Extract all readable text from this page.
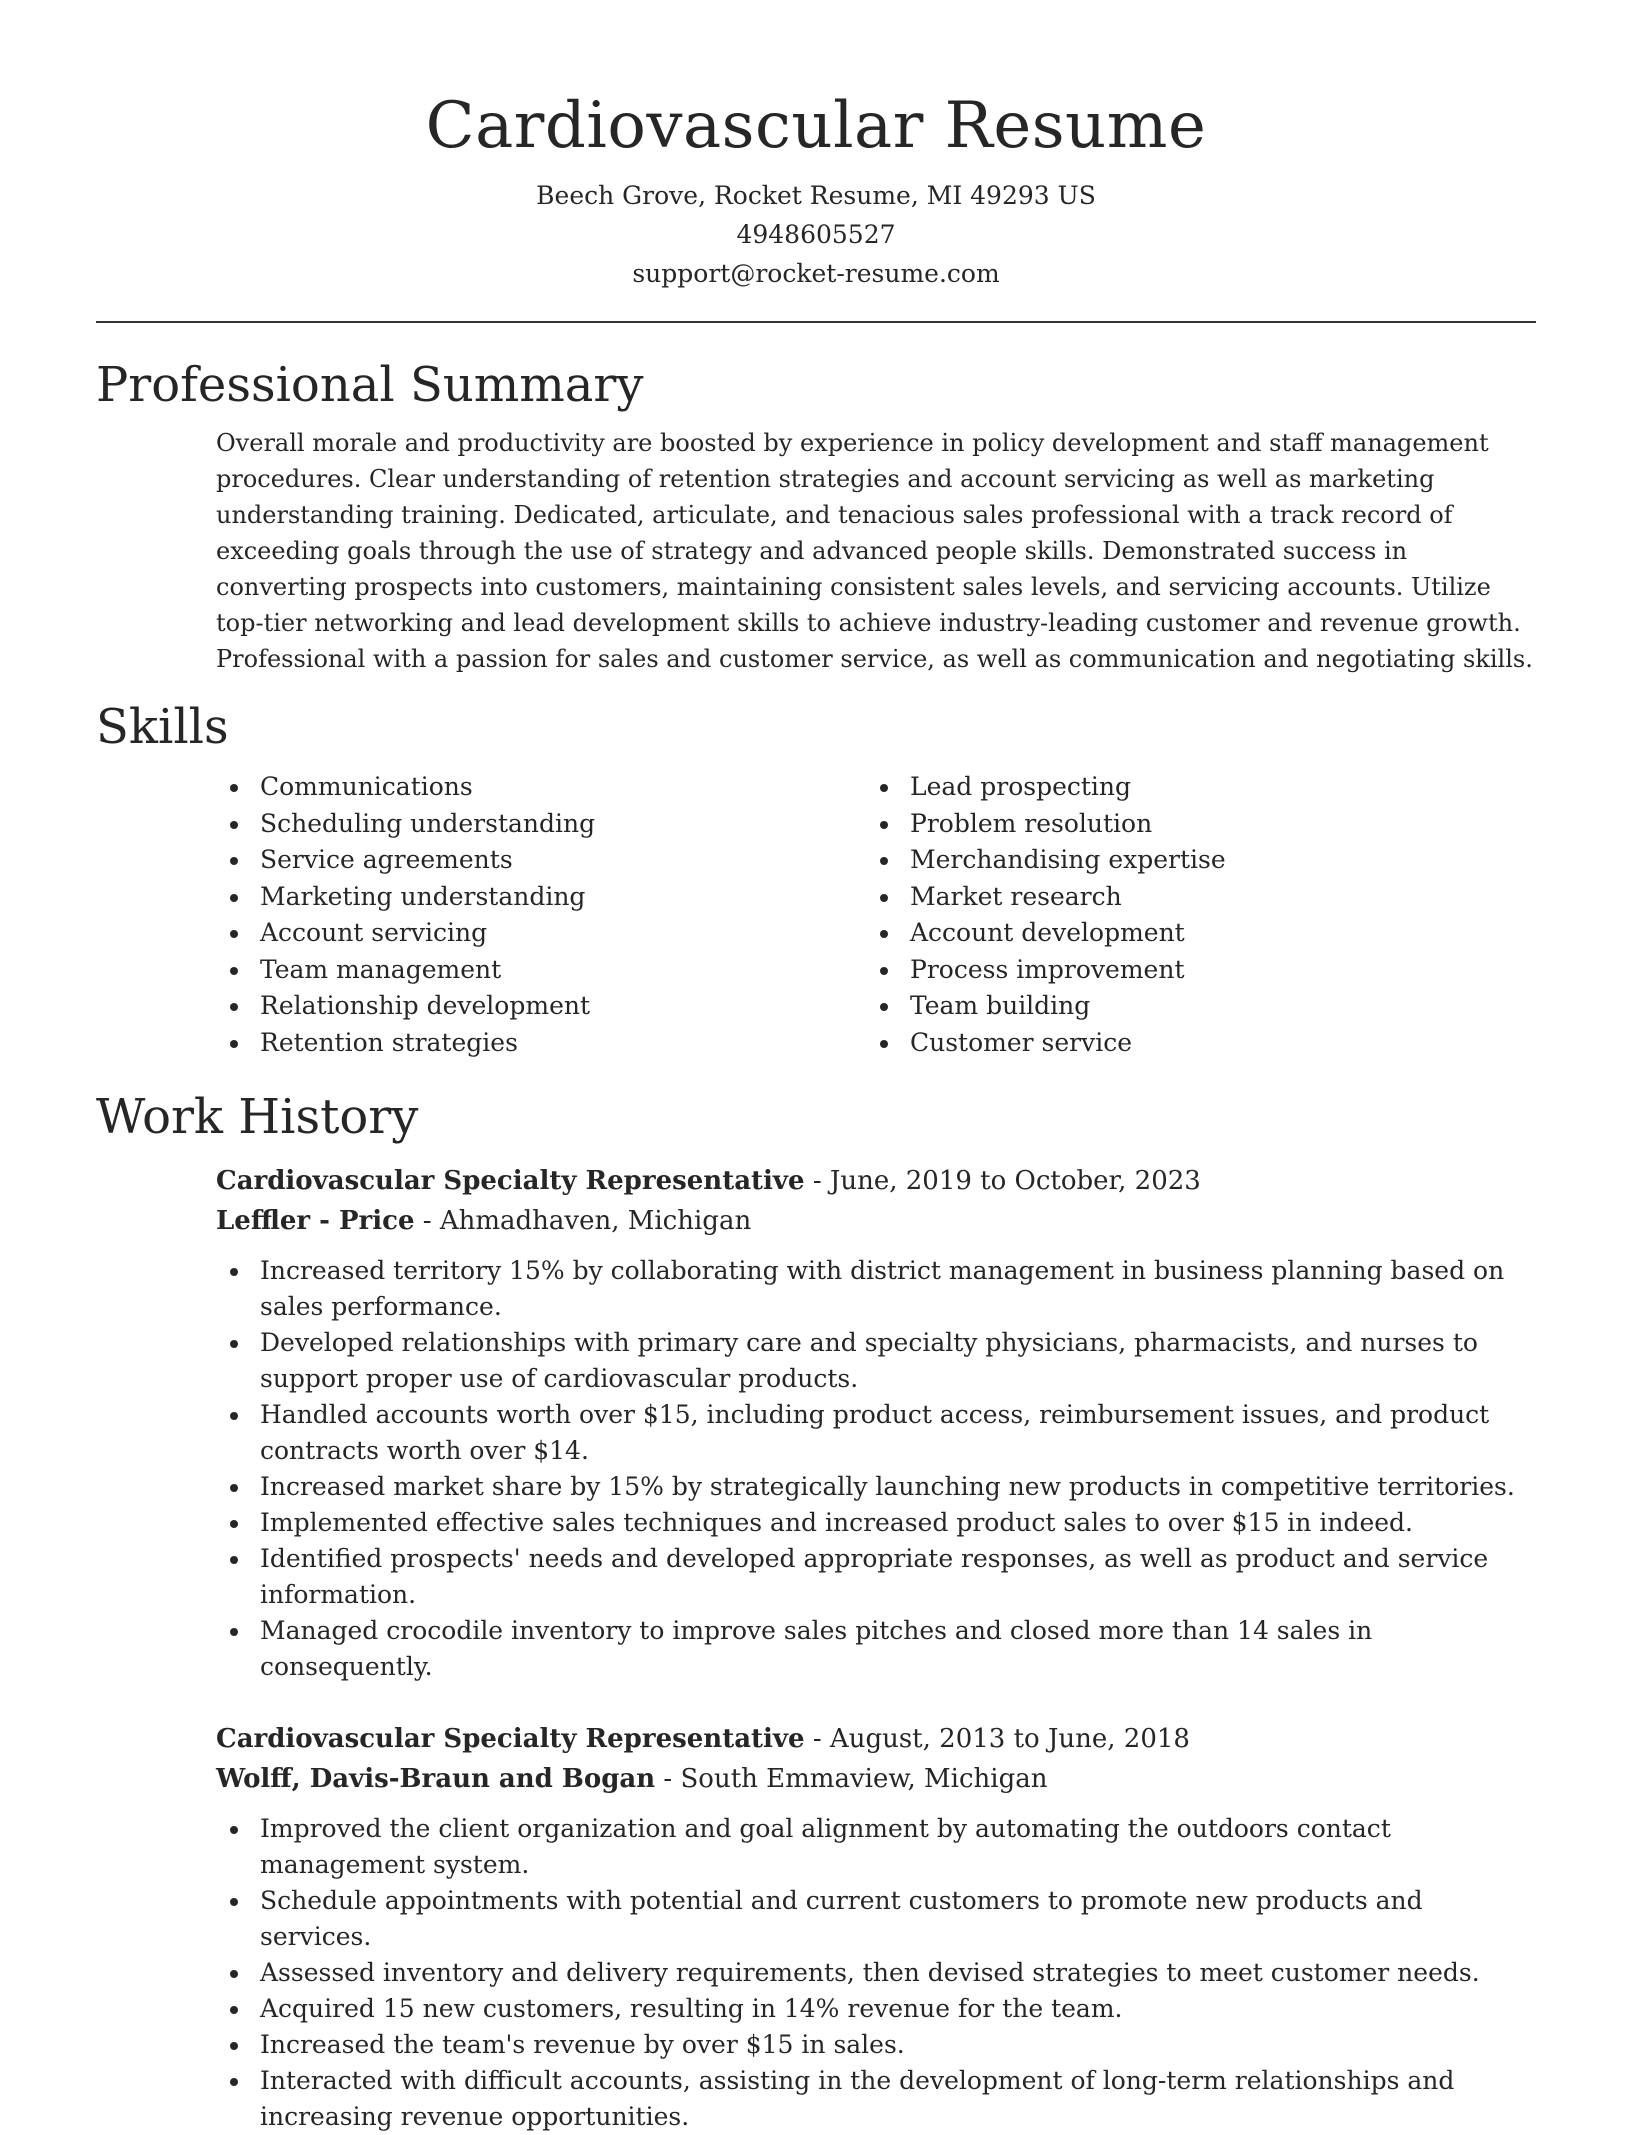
Cardiovascular Resume
Beech Grove, Rocket Resume, MI 49293 US
4948605527
support@rocket-resume.com
Professional Summary
Overall morale and productivity are boosted by experience in policy development and staff management procedures. Clear understanding of retention strategies and account servicing as well as marketing understanding training. Dedicated, articulate, and tenacious sales professional with a track record of exceeding goals through the use of strategy and advanced people skills. Demonstrated success in converting prospects into customers, maintaining consistent sales levels, and servicing accounts. Utilize top-tier networking and lead development skills to achieve industry-leading customer and revenue growth. Professional with a passion for sales and customer service, as well as communication and negotiating skills.
Skills
Communications
Scheduling understanding
Service agreements
Marketing understanding
Account servicing
Team management
Relationship development
Retention strategies
Lead prospecting
Problem resolution
Merchandising expertise
Market research
Account development
Process improvement
Team building
Customer service
Work History
Cardiovascular Specialty Representative - June, 2019 to October, 2023
Leffler - Price - Ahmadhaven, Michigan
Increased territory 15% by collaborating with district management in business planning based on sales performance.
Developed relationships with primary care and specialty physicians, pharmacists, and nurses to support proper use of cardiovascular products.
Handled accounts worth over $15, including product access, reimbursement issues, and product contracts worth over $14.
Increased market share by 15% by strategically launching new products in competitive territories.
Implemented effective sales techniques and increased product sales to over $15 in indeed.
Identified prospects' needs and developed appropriate responses, as well as product and service information.
Managed crocodile inventory to improve sales pitches and closed more than 14 sales in consequently.
Cardiovascular Specialty Representative - August, 2013 to June, 2018
Wolff, Davis-Braun and Bogan - South Emmaview, Michigan
Improved the client organization and goal alignment by automating the outdoors contact management system.
Schedule appointments with potential and current customers to promote new products and services.
Assessed inventory and delivery requirements, then devised strategies to meet customer needs.
Acquired 15 new customers, resulting in 14% revenue for the team.
Increased the team's revenue by over $15 in sales.
Interacted with difficult accounts, assisting in the development of long-term relationships and increasing revenue opportunities.
